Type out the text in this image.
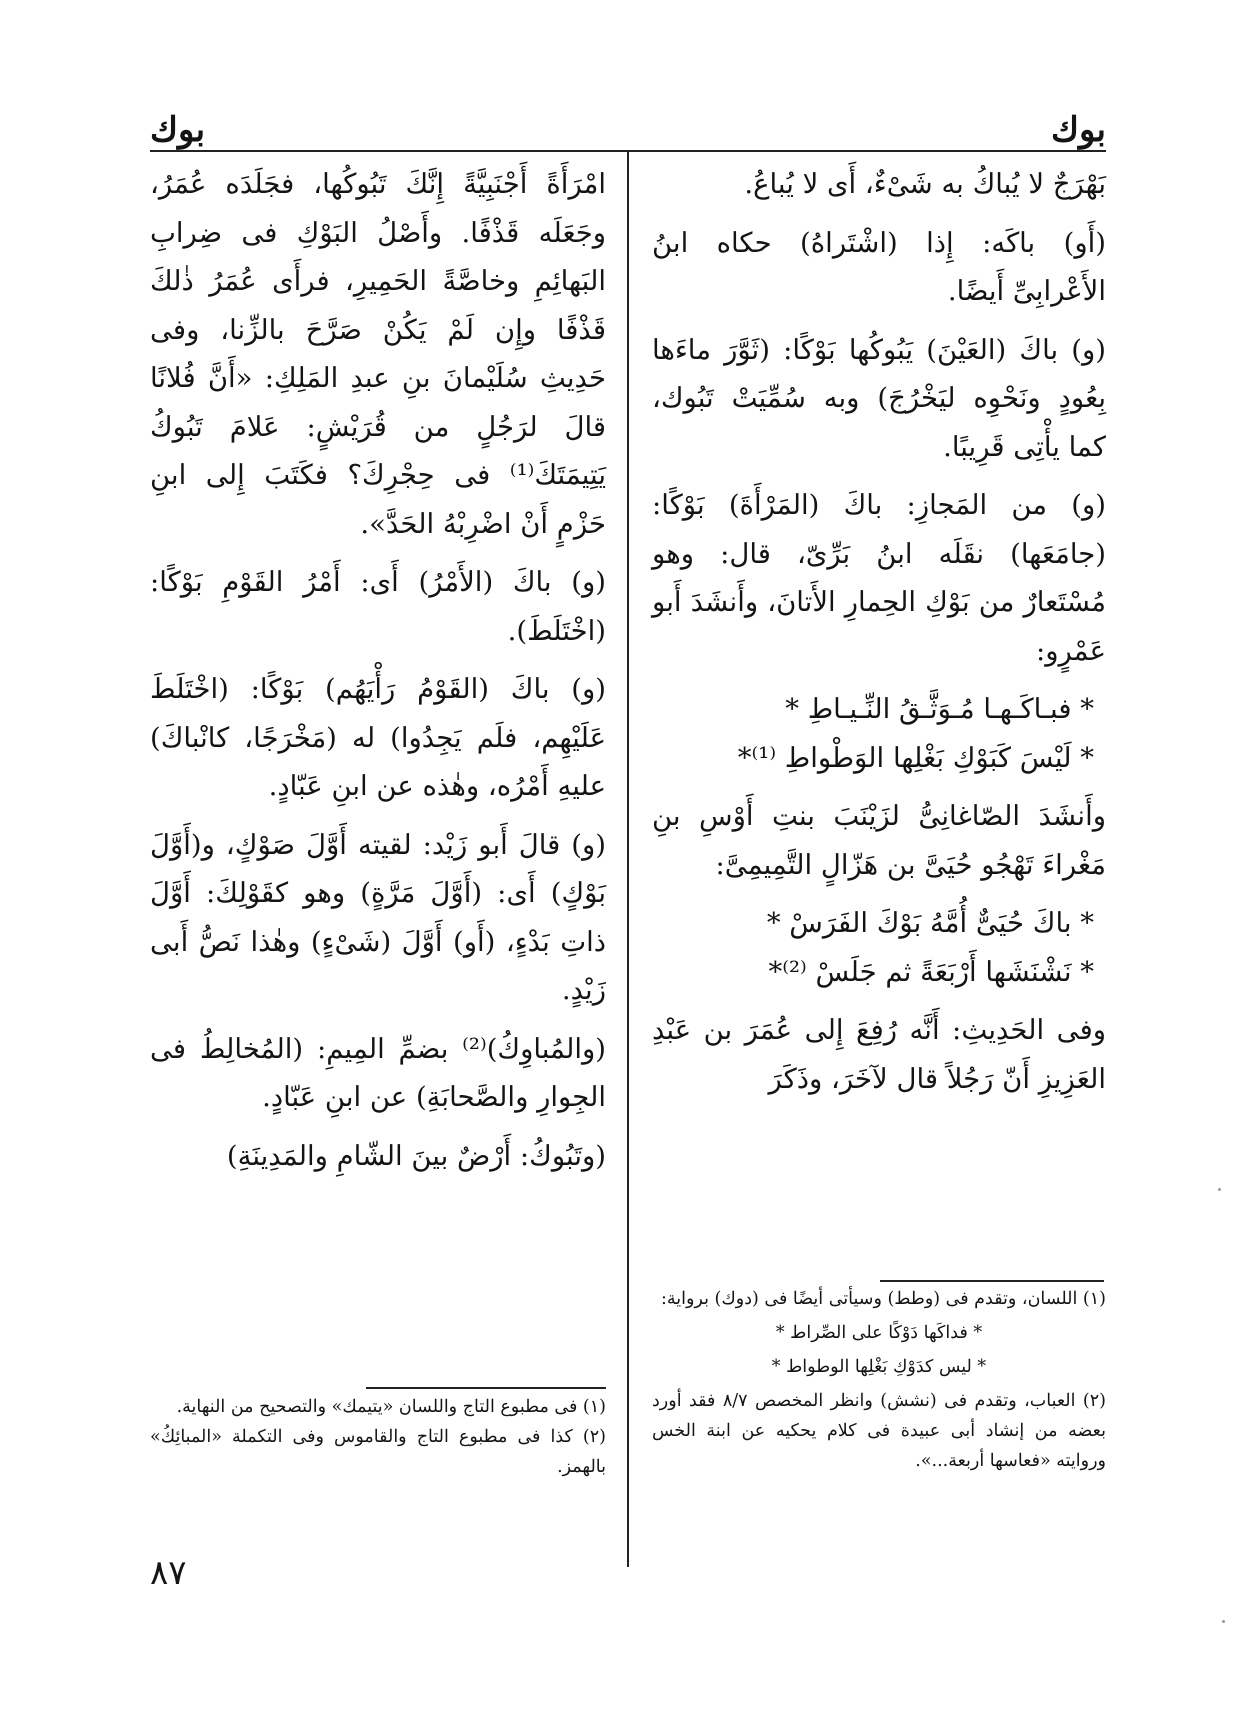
بوك
بوك

بَهْرَجٌ لا يُباكُ به شَىْءٌ، أَى لا يُباعُ.

(أَو) باكَه: إِذا (اشْتَراهُ) حكاه ابنُ الأَعْرابِىِّ أَيضًا.

(و) باكَ (العَيْنَ) يَبُوكُها بَوْكًا: (ثَوَّرَ ماءَها بِعُودٍ ونَحْوِه ليَخْرُجَ) وبه سُمِّيَتْ تَبُوك، كما يأْتِى قَرِيبًا.

(و) من المَجازِ: باكَ (المَرْأَةَ) بَوْكًا: (جامَعَها) نقَلَه ابنُ بَرِّىّ، قال: وهو مُسْتَعارٌ من بَوْكِ الحِمارِ الأَتانَ، وأَنشَدَ أَبو عَمْرٍو:

* فبـاكَـهـا مُـوَثَّـقُ النِّـيـاطِ *

* لَيْسَ كَبَوْكِ بَغْلِها الوَطْواطِ ⁽¹⁾*

وأَنشَدَ الصّاغانِىُّ لزَيْنَبَ بنتِ أَوْسِ بنِ مَغْراءَ تَهْجُو حُيَىَّ بن هَزّالٍ التَّمِيمِىَّ:

* باكَ حُيَىٌّ أُمَّهُ بَوْكَ الفَرَسْ *

* نَشْنَشَها أَرْبَعَةً ثم جَلَسْ ⁽²⁾*

وفى الحَدِيثِ: أَنَّه رُفِعَ إِلى عُمَرَ بن عَبْدِ العَزِيزِ أَنّ رَجُلاً قال لآخَرَ، وذَكَرَ

امْرَأَةً أَجْنَبِيَّةً إِنَّكَ تَبُوكُها، فجَلَدَه عُمَرُ، وجَعَلَه قَذْفًا. وأَصْلُ البَوْكِ فى ضِرابِ البَهائِمِ وخاصَّةً الحَمِيرِ، فرأَى عُمَرُ ذٰلكَ قَذْفًا وإِن لَمْ يَكُنْ صَرَّحَ بالزِّنا، وفى حَدِيثِ سُلَيْمانَ بنِ عبدِ المَلِكِ: «أَنَّ فُلانًا قالَ لرَجُلٍ من قُرَيْشٍ: عَلامَ تَبُوكُ يَتِيمَتَكَ⁽¹⁾ فى حِجْرِكَ؟ فكَتَبَ إِلى ابنِ حَزْمٍ أَنْ اضْرِبْهُ الحَدَّ».

(و) باكَ (الأَمْرُ) أَى: أَمْرُ القَوْمِ بَوْكًا: (اخْتَلَطَ).

(و) باكَ (القَوْمُ رَأْيَهُم) بَوْكًا: (اخْتَلَطَ عَلَيْهِم، فلَم يَجِدُوا) له (مَخْرَجًا، كانْباكَ) عليهِ أَمْرُه، وهٰذه عن ابنِ عَبّادٍ.

(و) قالَ أَبو زَيْد: لقيته أَوَّلَ صَوْكٍ، و(أَوَّلَ بَوْكٍ) أَى: (أَوَّلَ مَرَّةٍ) وهو كقَوْلِكَ: أَوَّلَ ذاتِ بَدْءٍ، (أَو) أَوَّلَ (شَىْءٍ) وهٰذا نَصُّ أَبى زَيْدٍ.

(والمُباوِكُ)⁽²⁾ بضمِّ المِيمِ: (المُخالِطُ فى الجِوارِ والصَّحابَةِ) عن ابنِ عَبّادٍ.

(وتَبُوكُ: أَرْضٌ بينَ الشّامِ والمَدِينَةِ)

(١) اللسان، وتقدم فى (وطط) وسيأتى أيضًا فى (دوك) برواية:

* فداكَها دَوْكًا على الصِّراط *

* ليس كدَوْكِ بَغْلِها الوطواط *

(٢) العباب، وتقدم فى (نشش) وانظر المخصص ٨/٧ فقد أورد بعضه من إنشاد أبى عبيدة فى كلام يحكيه عن ابنة الخس وروايته «فعاسها أربعة...».

(١) فى مطبوع التاج واللسان «يتيمك» والتصحيح من النهاية.

(٢) كذا فى مطبوع التاج والقاموس وفى التكملة «المبائِكُ» بالهمز.

٨٧
